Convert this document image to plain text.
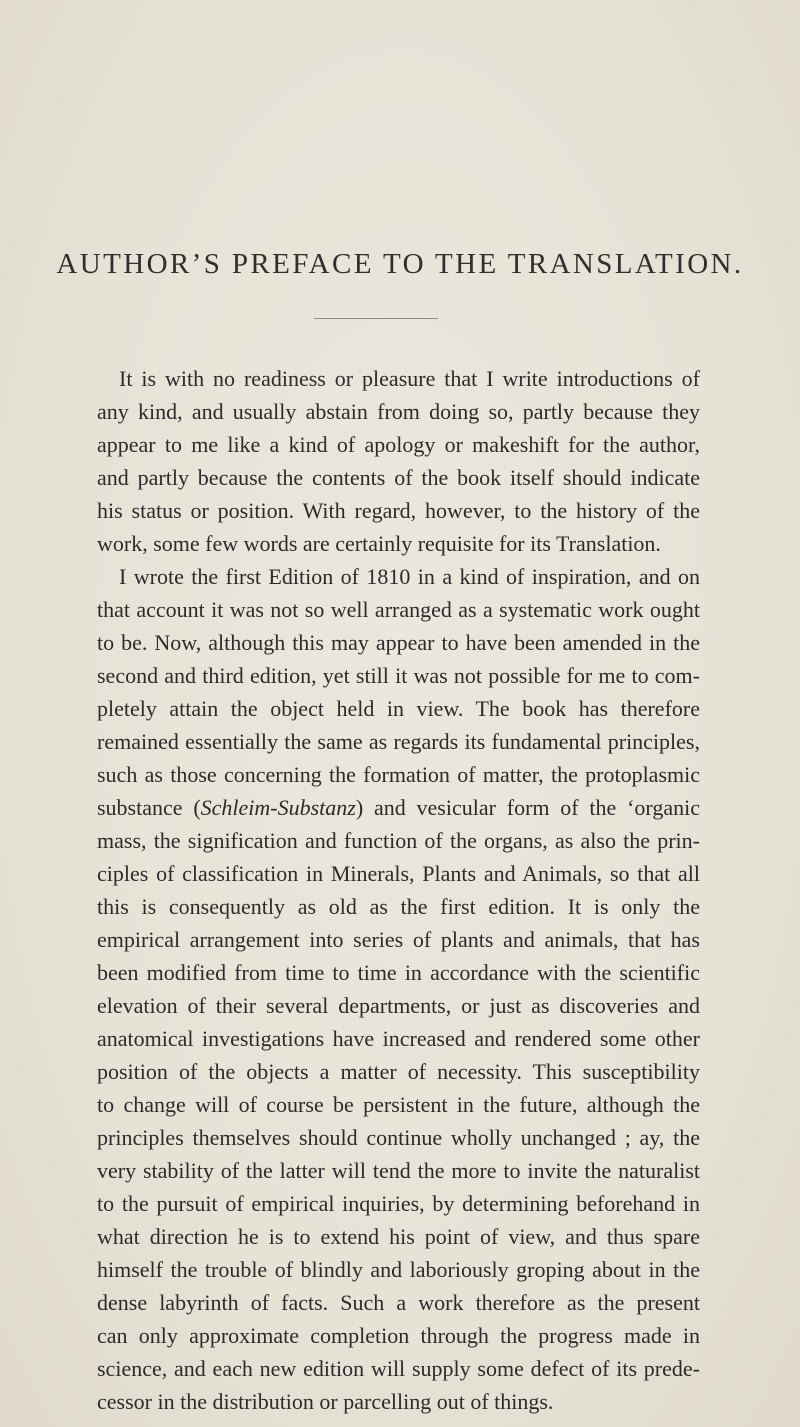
AUTHOR’S PREFACE TO THE TRANSLATION.
It is with no readiness or pleasure that I write introductions of
any kind, and usually abstain from doing so, partly because they
appear to me like a kind of apology or makeshift for the author,
and partly because the contents of the book itself should indicate
his status or position. With regard, however, to the history of the
work, some few words are certainly requisite for its Translation.
I wrote the first Edition of 1810 in a kind of inspiration, and on
that account it was not so well arranged as a systematic work ought
to be. Now, although this may appear to have been amended in the
second and third edition, yet still it was not possible for me to com-
pletely attain the object held in view. The book has therefore
remained essentially the same as regards its fundamental principles,
such as those concerning the formation of matter, the protoplasmic
substance (Schleim-Substanz) and vesicular form of the ‘organic
mass, the signification and function of the organs, as also the prin-
ciples of classification in Minerals, Plants and Animals, so that all
this is consequently as old as the first edition. It is only the
empirical arrangement into series of plants and animals, that has
been modified from time to time in accordance with the scientific
elevation of their several departments, or just as discoveries and
anatomical investigations have increased and rendered some other
position of the objects a matter of necessity. This susceptibility
to change will of course be persistent in the future, although the
principles themselves should continue wholly unchanged ; ay, the
very stability of the latter will tend the more to invite the naturalist
to the pursuit of empirical inquiries, by determining beforehand in
what direction he is to extend his point of view, and thus spare
himself the trouble of blindly and laboriously groping about in the
dense labyrinth of facts. Such a work therefore as the present
can only approximate completion through the progress made in
science, and each new edition will supply some defect of its prede-
cessor in the distribution or parcelling out of things.
